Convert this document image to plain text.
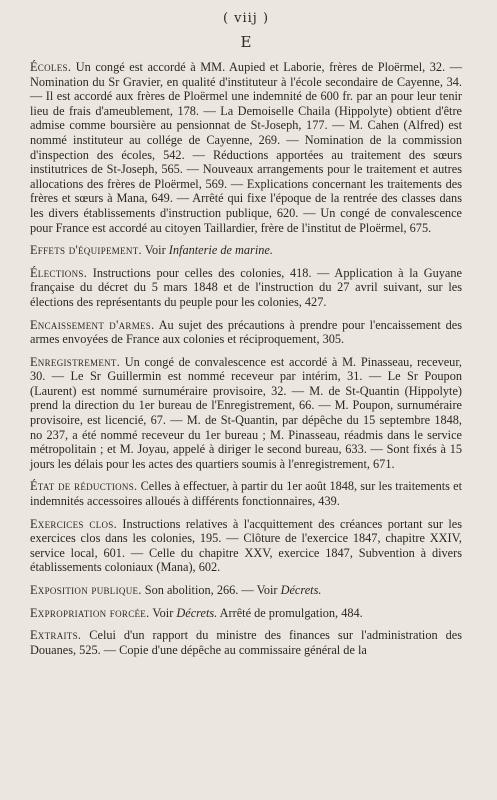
( viij )
E

Écoles. Un congé est accordé à MM. Aupied et Laborie, frères de Ploërmel, 32. — Nomination du Sr Gravier, en qualité d'instituteur à l'école secondaire de Cayenne, 34. — Il est accordé aux frères de Ploërmel une indemnité de 600 fr. par an pour leur tenir lieu de frais d'ameublement, 178. — La Demoiselle Chaila (Hippolyte) obtient d'être admise comme boursière au pensionnat de St-Joseph, 177. — M. Cahen (Alfred) est nommé instituteur au collége de Cayenne, 269. — Nomination de la commission d'inspection des écoles, 542. — Réductions apportées au traitement des sœurs institutrices de St-Joseph, 565. — Nouveaux arrangements pour le traitement et autres allocations des frères de Ploërmel, 569. — Explications concernant les traitements des frères et sœurs à Mana, 649. — Arrêté qui fixe l'époque de la rentrée des classes dans les divers établissements d'instruction publique, 620. — Un congé de convalescence pour France est accordé au citoyen Taillardier, frère de l'institut de Ploërmel, 675.

Effets d'équipement. Voir Infanterie de marine.

Élections. Instructions pour celles des colonies, 418. — Application à la Guyane française du décret du 5 mars 1848 et de l'instruction du 27 avril suivant, sur les élections des représentants du peuple pour les colonies, 427.

Encaissement d'armes. Au sujet des précautions à prendre pour l'encaissement des armes envoyées de France aux colonies et réciproquement, 305.

Enregistrement. Un congé de convalescence est accordé à M. Pinasseau, receveur, 30. — Le Sr Guillermin est nommé receveur par intérim, 31. — Le Sr Poupon (Laurent) est nommé surnuméraire provisoire, 32. — M. de St-Quantin (Hippolyte) prend la direction du 1er bureau de l'Enregistrement, 66. — M. Poupon, surnuméraire provisoire, est licencié, 67. — M. de St-Quantin, par dépêche du 15 septembre 1848, no 237, a été nommé receveur du 1er bureau ; M. Pinasseau, réadmis dans le service métropolitain ; et M. Joyau, appelé à diriger le second bureau, 633. — Sont fixés à 15 jours les délais pour les actes des quartiers soumis à l'enregistrement, 671.

État de réductions. Celles à effectuer, à partir du 1er août 1848, sur les traitements et indemnités accessoires alloués à différents fonctionnaires, 439.

Exercices clos. Instructions relatives à l'acquittement des créances portant sur les exercices clos dans les colonies, 195. — Clôture de l'exercice 1847, chapitre XXIV, service local, 601. — Celle du chapitre XXV, exercice 1847, Subvention à divers établissements coloniaux (Mana), 602.

Exposition publique. Son abolition, 266. — Voir Décrets.

Expropriation forcée. Voir Décrets. Arrêté de promulgation, 484.

Extraits. Celui d'un rapport du ministre des finances sur l'administration des Douanes, 525. — Copie d'une dépêche au commissaire général de la
